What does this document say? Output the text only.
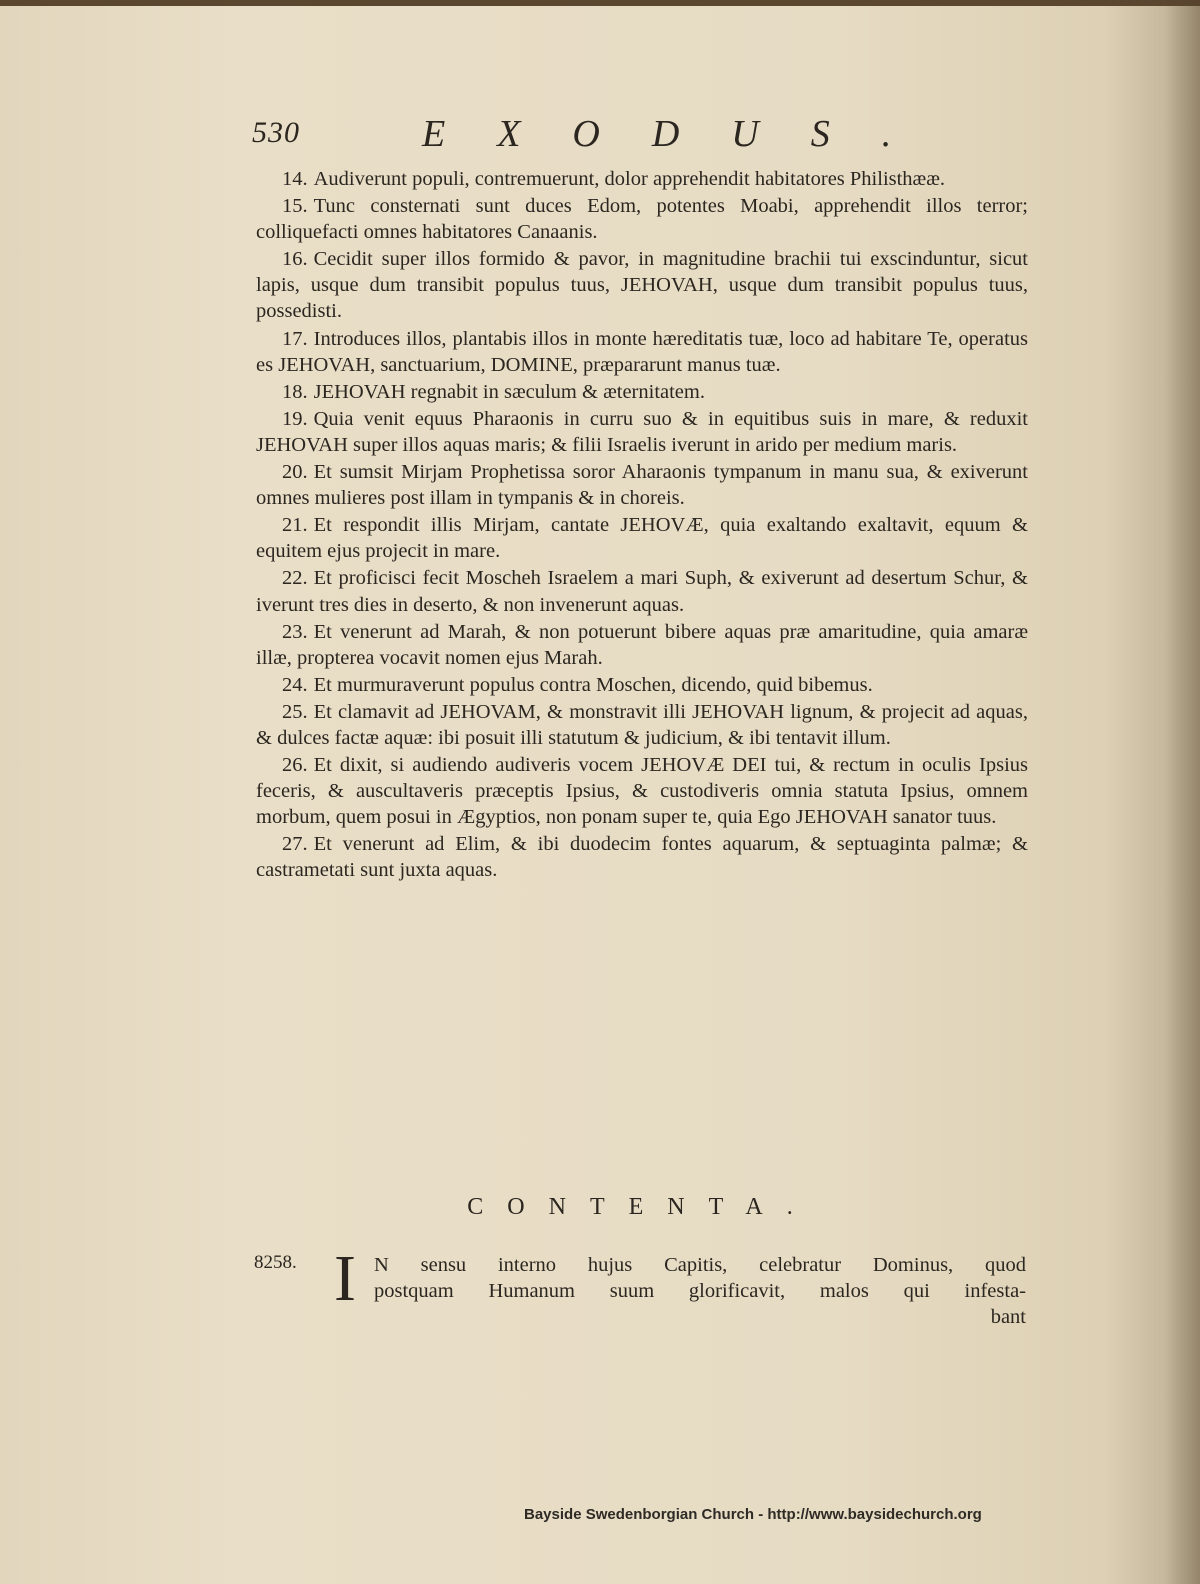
530	EXODUS.

14. Audiverunt populi, contremuerunt, dolor apprehendit habitatores Philisthææ.

15. Tunc consternati sunt duces Edom, potentes Moabi, apprehendit illos terror; colliquefacti omnes habitatores Canaanis.

16. Cecidit super illos formido & pavor, in magnitudine brachii tui exscinduntur, sicut lapis, usque dum transibit populus tuus, JEHOVAH, usque dum transibit populus tuus, possedisti.

17. Introduces illos, plantabis illos in monte hæreditatis tuæ, loco ad habitare Te, operatus es JEHOVAH, sanctuarium, DOMINE, præpararunt manus tuæ.

18. JEHOVAH regnabit in sæculum & æternitatem.

19. Quia venit equus Pharaonis in curru suo & in equitibus suis in mare, & reduxit JEHOVAH super illos aquas maris; & filii Israelis iverunt in arido per medium maris.

20. Et sumsit Mirjam Prophetissa soror Aharaonis tympanum in manu sua, & exiverunt omnes mulieres post illam in tympanis & in choreis.

21. Et respondit illis Mirjam, cantate JEHOVÆ, quia exaltando exaltavit, equum & equitem ejus projecit in mare.

22. Et proficisci fecit Moscheh Israelem a mari Suph, & exiverunt ad desertum Schur, & iverunt tres dies in deserto, & non invenerunt aquas.

23. Et venerunt ad Marah, & non potuerunt bibere aquas præ amaritudine, quia amaræ illæ, propterea vocavit nomen ejus Marah.

24. Et murmuraverunt populus contra Moschen, dicendo, quid bibemus.

25. Et clamavit ad JEHOVAM, & monstravit illi JEHOVAH lignum, & projecit ad aquas, & dulces factæ aquæ: ibi posuit illi statutum & judicium, & ibi tentavit illum.

26. Et dixit, si audiendo audiveris vocem JEHOVÆ DEI tui, & rectum in oculis Ipsius feceris, & auscultaveris præceptis Ipsius, & custodiveris omnia statuta Ipsius, omnem morbum, quem posui in Ægyptios, non ponam super te, quia Ego JEHOVAH sanator tuus.

27. Et venerunt ad Elim, & ibi duodecim fontes aquarum, & septuaginta palmæ; & castrametati sunt juxta aquas.

CONTENTA.
8258. I N sensu interno hujus Capitis, celebratur Dominus, quod
postquam Humanum suum glorificavit, malos qui infesta-
bant
Bayside Swedenborgian Church - http://www.baysidechurch.org
